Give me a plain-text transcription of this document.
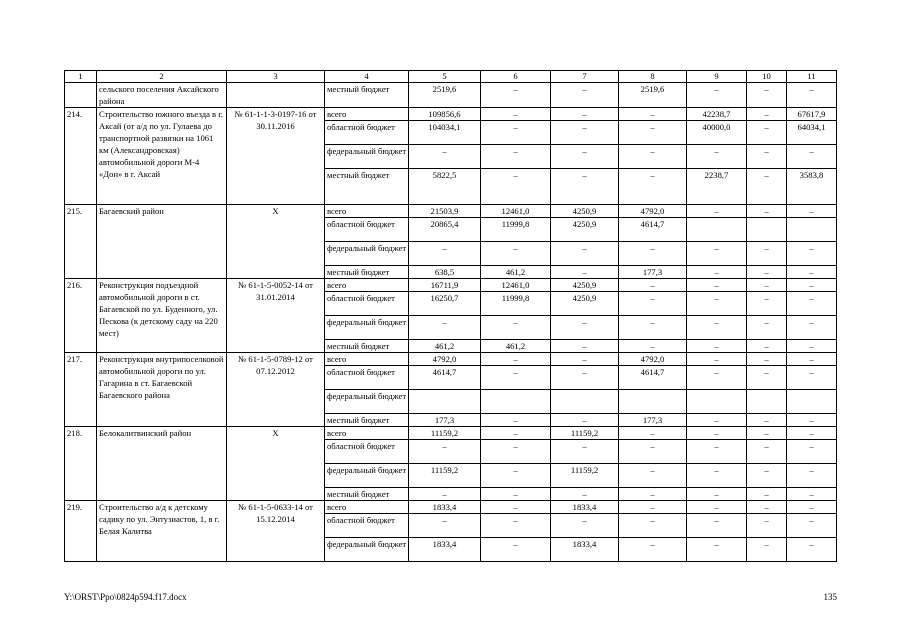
1	2	3	4	5	6	7	8	9	10	11
	сельского поселения Аксайского района		местный бюджет	2519,6	–	–	2519,6	–	–	–
214.	Строительство южного въезда в г. Аксай (от а/д по ул. Гулаева до транспортной развязки на 1061 км (Александровская) автомобильной дороги М-4 «Дон» в г. Аксай	№ 61-1-1-3-0197-16 от 30.11.2016	всего	109856,6	–	–	–	42238,7	–	67617,9
			областной бюджет	104034,1	–	–	–	40000,0	–	64034,1
			федеральный бюджет	–	–	–	–	–	–	–
			местный бюджет	5822,5	–	–	–	2238,7	–	3583,8
215.	Багаевский район	Х	всего	21503,9	12461,0	4250,9	4792,0	–	–	–
			областной бюджет	20865,4	11999,8	4250,9	4614,7			
			федеральный бюджет	–	–	–	–	–	–	–
			местный бюджет	638,5	461,2	–	177,3	–	–	–
216.	Реконструкция подъездной автомобильной дороги в ст. Багаевской по ул. Буденного, ул. Пескова (к детскому саду на 220 мест)	№ 61-1-5-0052-14 от 31.01.2014	всего	16711,9	12461,0	4250,9	–	–	–	–
			областной бюджет	16250,7	11999,8	4250,9	–	–	–	–
			федеральный бюджет	–	–	–	–	–	–	–
			местный бюджет	461,2	461,2	–	–	–	–	–
217.	Реконструкция внутрипоселковой автомобильной дороги по ул. Гагарина в ст. Багаевской Багаевского района	№ 61-1-5-0789-12 от 07.12.2012	всего	4792,0	–	–	4792,0	–	–	–
			областной бюджет	4614,7	–	–	4614,7	–	–	–
			федеральный бюджет							
			местный бюджет	177,3	–	–	177,3	–	–	–
218.	Белокалитвинский район	Х	всего	11159,2	–	11159,2	–	–	–	–
			областной бюджет	–	–	–	–	–	–	–
			федеральный бюджет	11159,2	–	11159,2	–	–	–	–
			местный бюджет	–	–	–	–	–	–	–
219.	Строительство а/д к детскому садику по ул. Энтузиастов, 1, в г. Белая Калитва	№ 61-1-5-0633-14 от 15.12.2014	всего	1833,4	–	1833,4	–	–	–	–
			областной бюджет	–	–	–	–	–	–	–
			федеральный бюджет	1833,4	–	1833,4	–	–	–	–
Y:\ORST\Ppo\0824p594.f17.docx	135
